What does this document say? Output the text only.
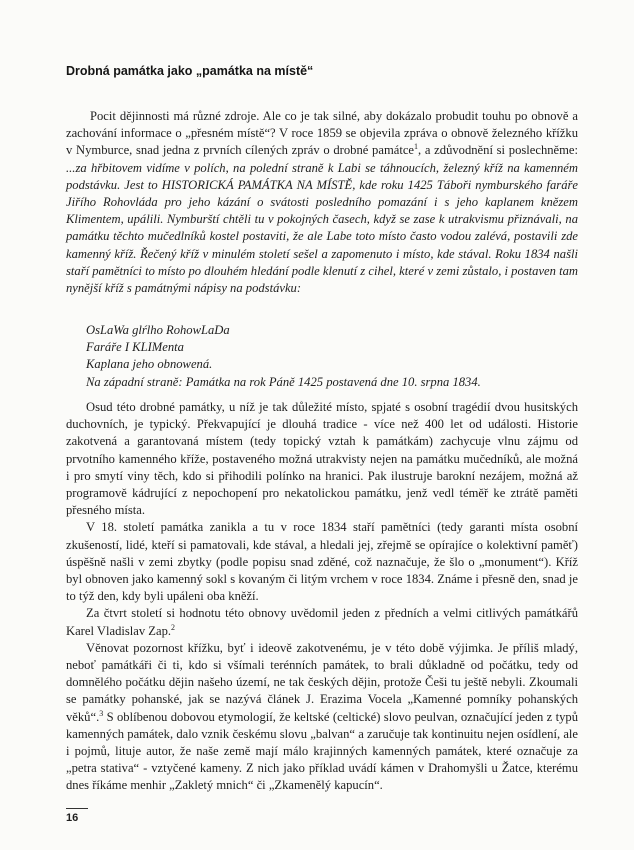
Drobná památka jako „památka na místě“

Pocit dějinnosti má různé zdroje. Ale co je tak silné, aby dokázalo probudit touhu po obnově a zachování informace o „přesném místě“? V roce 1859 se objevila zpráva o obnově železného křížku v Nymburce, snad jedna z prvních cílených zpráv o drobné památce$^1$, a zdůvodnění si poslechněme: ...za hřbitovem vidíme v polích, na polední straně k Labi se táhnoucích, železný kříž na kamenném podstávku. Jest to HISTORICKÁ PAMÁTKA NA MÍSTĚ, kde roku 1425 Táboři nymburského faráře Jiřího Rohovláda pro jeho kázání o svátosti posledního pomazání i s jeho kaplanem knězem Klimentem, upálili. Nymburští chtěli tu v pokojných časech, když se zase k utrakvismu přiznávali, na památku těchto mučedlníků kostel postaviti, že ale Labe toto místo často vodou zalévá, postavili zde kamenný kříž. Řečený kříž v minulém století sešel a zapomenuto i místo, kde stával. Roku 1834 našli staří pamětníci to místo po dlouhém hledání podle klenutí z cihel, které v zemi zůstalo, i postaven tam nynější kříž s památnými nápisy na podstávku:

OsLaWa glŕlho RohowLaDa
Faráře I KLIMenta
Kaplana jeho obnowená.
Na západní straně: Památka na rok Páně 1425 postavená dne 10. srpna 1834.

Osud této drobné památky, u níž je tak důležité místo, spjaté s osobní tragédií dvou husitských duchovních, je typický. Překvapující je dlouhá tradice - více než 400 let od události. Historie zakotvená a garantovaná místem (tedy topický vztah k památkám) zachycuje vlnu zájmu od prvotního kamenného kříže, postaveného možná utrakvisty nejen na památku mučedníků, ale možná i pro smytí viny těch, kdo si přihodili polínko na hranici. Pak ilustruje barokní nezájem, možná až programově kádrující z nepochopení pro nekatolickou památku, jenž vedl téměř ke ztrátě paměti přesného místa.

V 18. století památka zanikla a tu v roce 1834 staří pamětníci (tedy garanti místa osobní zkušeností, lidé, kteří si pamatovali, kde stával, a hledali jej, zřejmě se opírajíce o kolektivní paměť) úspěšně našli v zemi zbytky (podle popisu snad zděné, což naznačuje, že šlo o „monument“). Kříž byl obnoven jako kamenný sokl s kovaným či litým vrchem v roce 1834. Známe i přesně den, snad je to týž den, kdy byli upáleni oba kněží.

Za čtvrt století si hodnotu této obnovy uvědomil jeden z předních a velmi citlivých památkářů Karel Vladislav Zap.$^2$

Věnovat pozornost křížku, byť i ideově zakotvenému, je v této době výjimka. Je příliš mladý, neboť památkáři či ti, kdo si všímali terénních památek, to brali důkladně od počátku, tedy od domnělého počátku dějin našeho území, ne tak českých dějin, protože Češi tu ještě nebyli. Zkoumali se památky pohanské, jak se nazývá článek J. Erazima Vocela „Kamenné pomníky pohanských věků“.$^3$ S oblíbenou dobovou etymologií, že keltské (celtické) slovo peulvan, označující jeden z typů kamenných památek, dalo vznik českému slovu „balvan“ a zaručuje tak kontinuitu nejen osídlení, ale i pojmů, lituje autor, že naše země mají málo krajinných kamenných památek, které označuje za „petra stativa“ - vztyčené kameny. Z nich jako příklad uvádí kámen v Drahomyšli u Žatce, kterému dnes říkáme menhir „Zakletý mnich“ či „Zkamenělý kapucín“.

16
